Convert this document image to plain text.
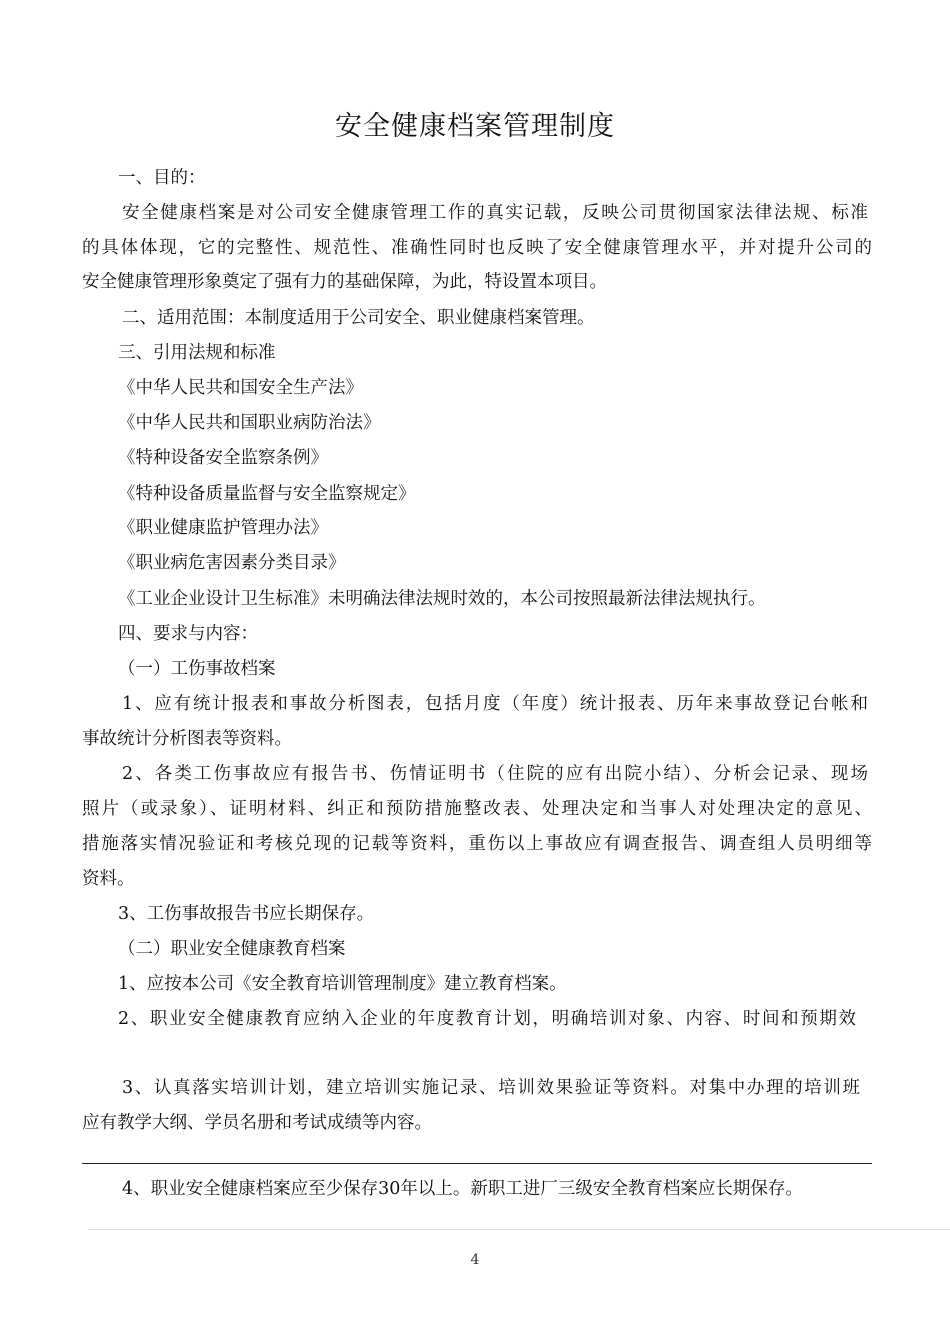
安全健康档案管理制度
一、目的：
安全健康档案是对公司安全健康管理工作的真实记载，反映公司贯彻国家法律法规、标准
的具体体现，它的完整性、规范性、准确性同时也反映了安全健康管理水平，并对提升公司的
安全健康管理形象奠定了强有力的基础保障，为此，特设置本项目。
二、适用范围：本制度适用于公司安全、职业健康档案管理。
三、引用法规和标准
《中华人民共和国安全生产法》
《中华人民共和国职业病防治法》
《特种设备安全监察条例》
《特种设备质量监督与安全监察规定》
《职业健康监护管理办法》
《职业病危害因素分类目录》
《工业企业设计卫生标准》未明确法律法规时效的，本公司按照最新法律法规执行。
四、要求与内容：
（一）工伤事故档案
1、应有统计报表和事故分析图表，包括月度（年度）统计报表、历年来事故登记台帐和
事故统计分析图表等资料。
2、各类工伤事故应有报告书、伤情证明书（住院的应有出院小结）、分析会记录、现场
照片（或录象）、证明材料、纠正和预防措施整改表、处理决定和当事人对处理决定的意见、
措施落实情况验证和考核兑现的记载等资料，重伤以上事故应有调查报告、调查组人员明细等
资料。
3、工伤事故报告书应长期保存。
（二）职业安全健康教育档案
1、应按本公司《安全教育培训管理制度》建立教育档案。
2、职业安全健康教育应纳入企业的年度教育计划，明确培训对象、内容、时间和预期效
3、认真落实培训计划，建立培训实施记录、培训效果验证等资料。对集中办理的培训班
应有教学大纲、学员名册和考试成绩等内容。
4、职业安全健康档案应至少保存30年以上。新职工进厂三级安全教育档案应长期保存。
4
